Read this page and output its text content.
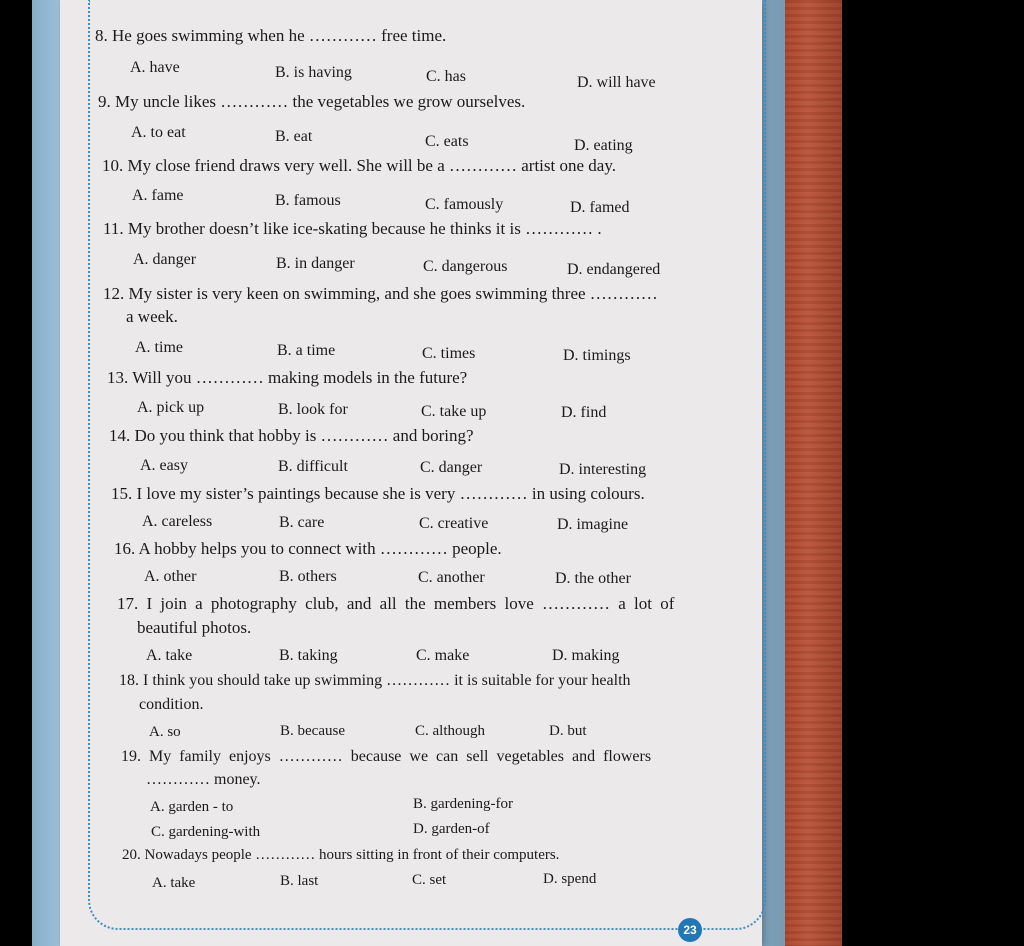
8. He goes swimming when he ………… free time.
A. have	B. is having	C. has	D. will have
9. My uncle likes ………… the vegetables we grow ourselves.
A. to eat	B. eat	C. eats	D. eating
10. My close friend draws very well. She will be a ………… artist one day.
A. fame	B. famous	C. famously	D. famed
11. My brother doesn’t like ice-skating because he thinks it is ………… .
A. danger	B. in danger	C. dangerous	D. endangered
12. My sister is very keen on swimming, and she goes swimming three …………
a week.
A. time	B. a time	C. times	D. timings
13. Will you ………… making models in the future?
A. pick up	B. look for	C. take up	D. find
14. Do you think that hobby is ………… and boring?
A. easy	B. difficult	C. danger	D. interesting
15. I love my sister’s paintings because she is very ………… in using colours.
A. careless	B. care	C. creative	D. imagine
16. A hobby helps you to connect with ………… people.
A. other	B. others	C. another	D. the other
17. I join a photography club, and all the members love ………… a lot of
beautiful photos.
A. take	B. taking	C. make	D. making
18. I think you should take up swimming ………… it is suitable for your health
condition.
A. so	B. because	C. although	D. but
19. My family enjoys ………… because we can sell vegetables and flowers
………… money.
A. garden - to	B. gardening-for
C. gardening-with	D. garden-of
20. Nowadays people ………… hours sitting in front of their computers.
A. take	B. last	C. set	D. spend
23
